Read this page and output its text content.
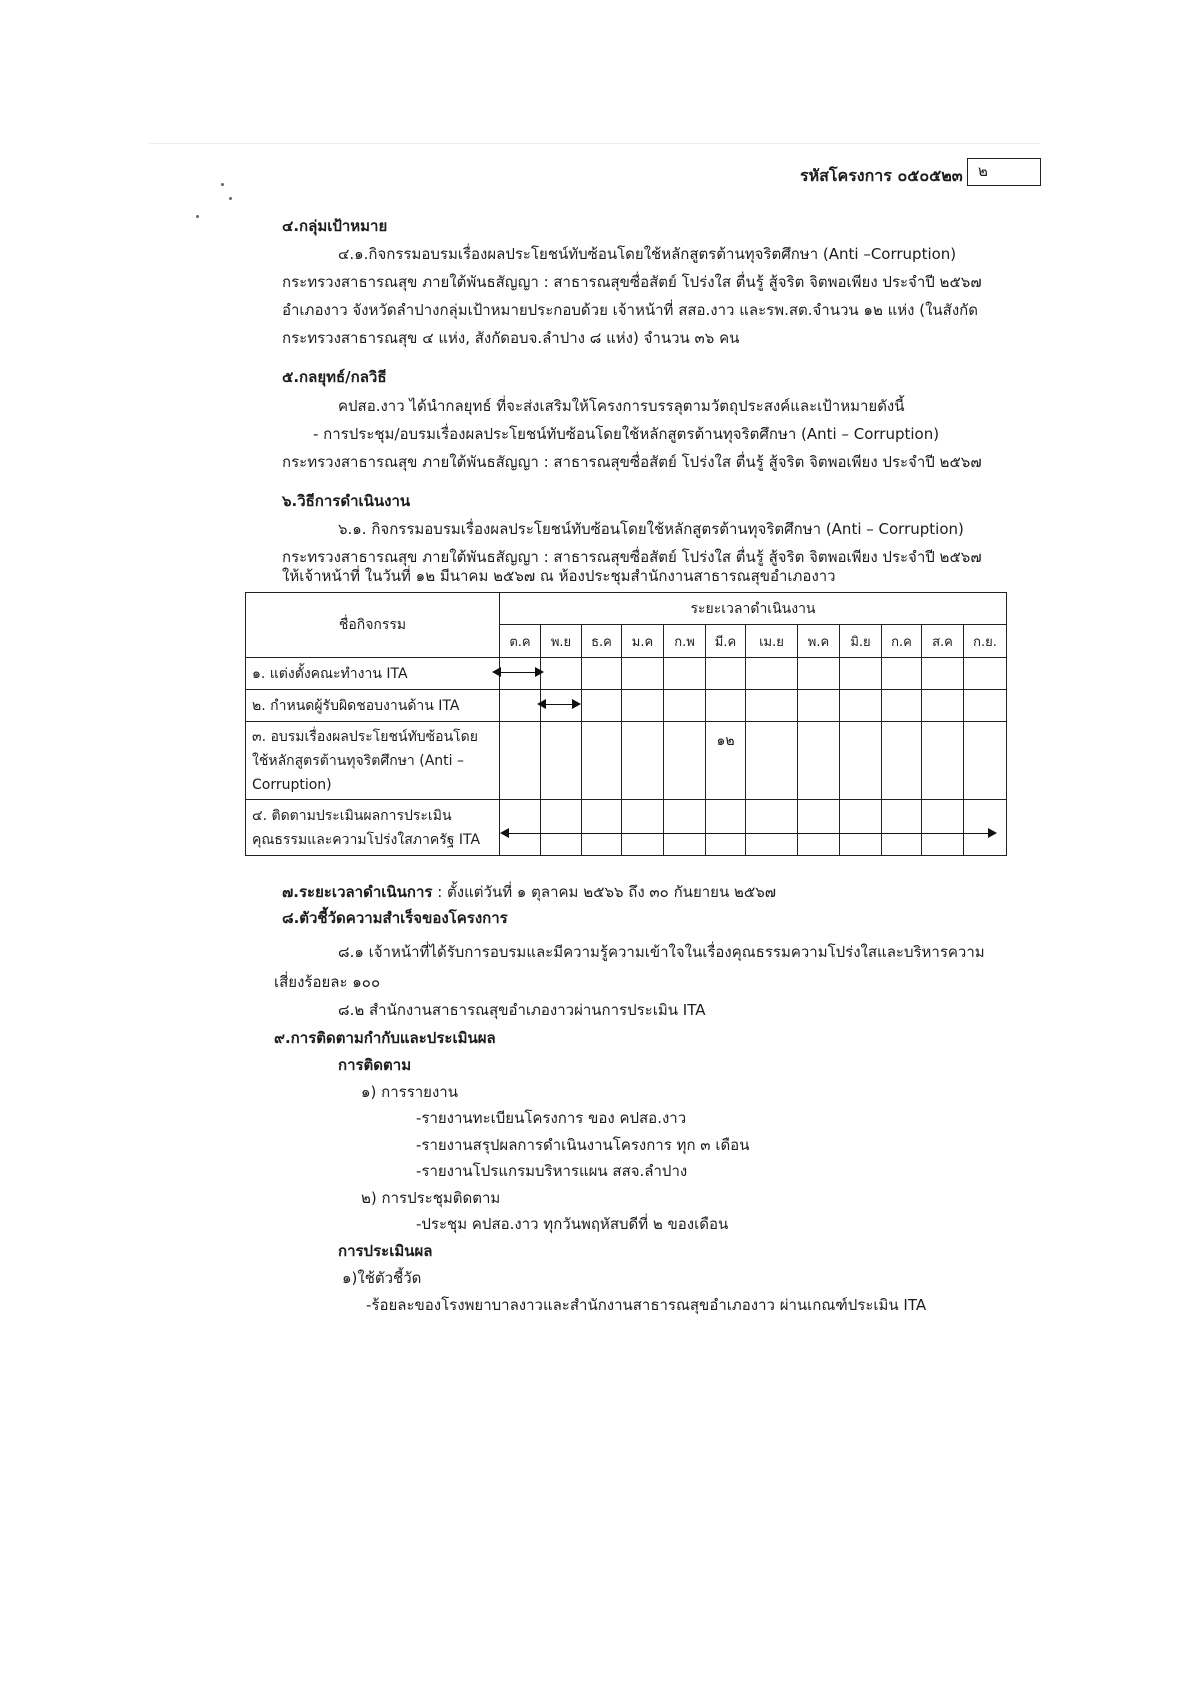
รหัสโครงการ ๐๕๐๕๒๓	๒
๔.กลุ่มเป้าหมาย
๔.๑.กิจกรรมอบรมเรื่องผลประโยชน์ทับซ้อนโดยใช้หลักสูตรต้านทุจริตศึกษา (Anti –Corruption)
กระทรวงสาธารณสุข ภายใต้พันธสัญญา : สาธารณสุขซื่อสัตย์ โปร่งใส ตื่นรู้ สู้จริต จิตพอเพียง ประจำปี ๒๕๖๗
อำเภองาว จังหวัดลำปางกลุ่มเป้าหมายประกอบด้วย เจ้าหน้าที่ สสอ.งาว และรพ.สต.จำนวน ๑๒ แห่ง (ในสังกัด
กระทรวงสาธารณสุข ๔ แห่ง, สังกัดอบจ.ลำปาง ๘ แห่ง) จำนวน ๓๖ คน
๕.กลยุทธ์/กลวิธี
คปสอ.งาว ได้นำกลยุทธ์ ที่จะส่งเสริมให้โครงการบรรลุตามวัตถุประสงค์และเป้าหมายดังนี้
- การประชุม/อบรมเรื่องผลประโยชน์ทับซ้อนโดยใช้หลักสูตรต้านทุจริตศึกษา (Anti – Corruption)
กระทรวงสาธารณสุข ภายใต้พันธสัญญา : สาธารณสุขซื่อสัตย์ โปร่งใส ตื่นรู้ สู้จริต จิตพอเพียง ประจำปี ๒๕๖๗
๖.วิธีการดำเนินงาน
๖.๑. กิจกรรมอบรมเรื่องผลประโยชน์ทับซ้อนโดยใช้หลักสูตรต้านทุจริตศึกษา (Anti – Corruption)
กระทรวงสาธารณสุข ภายใต้พันธสัญญา : สาธารณสุขซื่อสัตย์ โปร่งใส ตื่นรู้ สู้จริต จิตพอเพียง ประจำปี ๒๕๖๗
ให้เจ้าหน้าที่ ในวันที่ ๑๒ มีนาคม ๒๕๖๗ ณ ห้องประชุมสำนักงานสาธารณสุขอำเภองาว
ชื่อกิจกรรม	ระยะเวลาดำเนินงาน											
	ต.ค	พ.ย	ธ.ค	ม.ค	ก.พ	มี.ค	เม.ย	พ.ค	มิ.ย	ก.ค	ส.ค	ก.ย.
๑. แต่งตั้งคณะทำงาน ITA	

๒. กำหนดผู้รับผิดชอบงานด้าน ITA		

๓. อบรมเรื่องผลประโยชน์ทับซ้อนโดย
ใช้หลักสูตรต้านทุจริตศึกษา (Anti –
Corruption)						๑๒						

๔. ติดตามประเมินผลการประเมิน
คุณธรรมและความโปร่งใสภาครัฐ ITA												

๗.ระยะเวลาดำเนินการ : ตั้งแต่วันที่ ๑ ตุลาคม ๒๕๖๖ ถึง ๓๐ กันยายน ๒๕๖๗
๘.ตัวชี้วัดความสำเร็จของโครงการ
๘.๑ เจ้าหน้าที่ได้รับการอบรมและมีความรู้ความเข้าใจในเรื่องคุณธรรมความโปร่งใสและบริหารความ
เสี่ยงร้อยละ ๑๐๐
๘.๒ สำนักงานสาธารณสุขอำเภองาวผ่านการประเมิน ITA
๙.การติดตามกำกับและประเมินผล
การติดตาม
๑) การรายงาน
-รายงานทะเบียนโครงการ ของ คปสอ.งาว
-รายงานสรุปผลการดำเนินงานโครงการ ทุก ๓ เดือน
-รายงานโปรแกรมบริหารแผน สสจ.ลำปาง
๒) การประชุมติดตาม
-ประชุม คปสอ.งาว ทุกวันพฤหัสบดีที่ ๒ ของเดือน
การประเมินผล
๑)ใช้ตัวชี้วัด
-ร้อยละของโรงพยาบาลงาวและสำนักงานสาธารณสุขอำเภองาว ผ่านเกณฑ์ประเมิน ITA
